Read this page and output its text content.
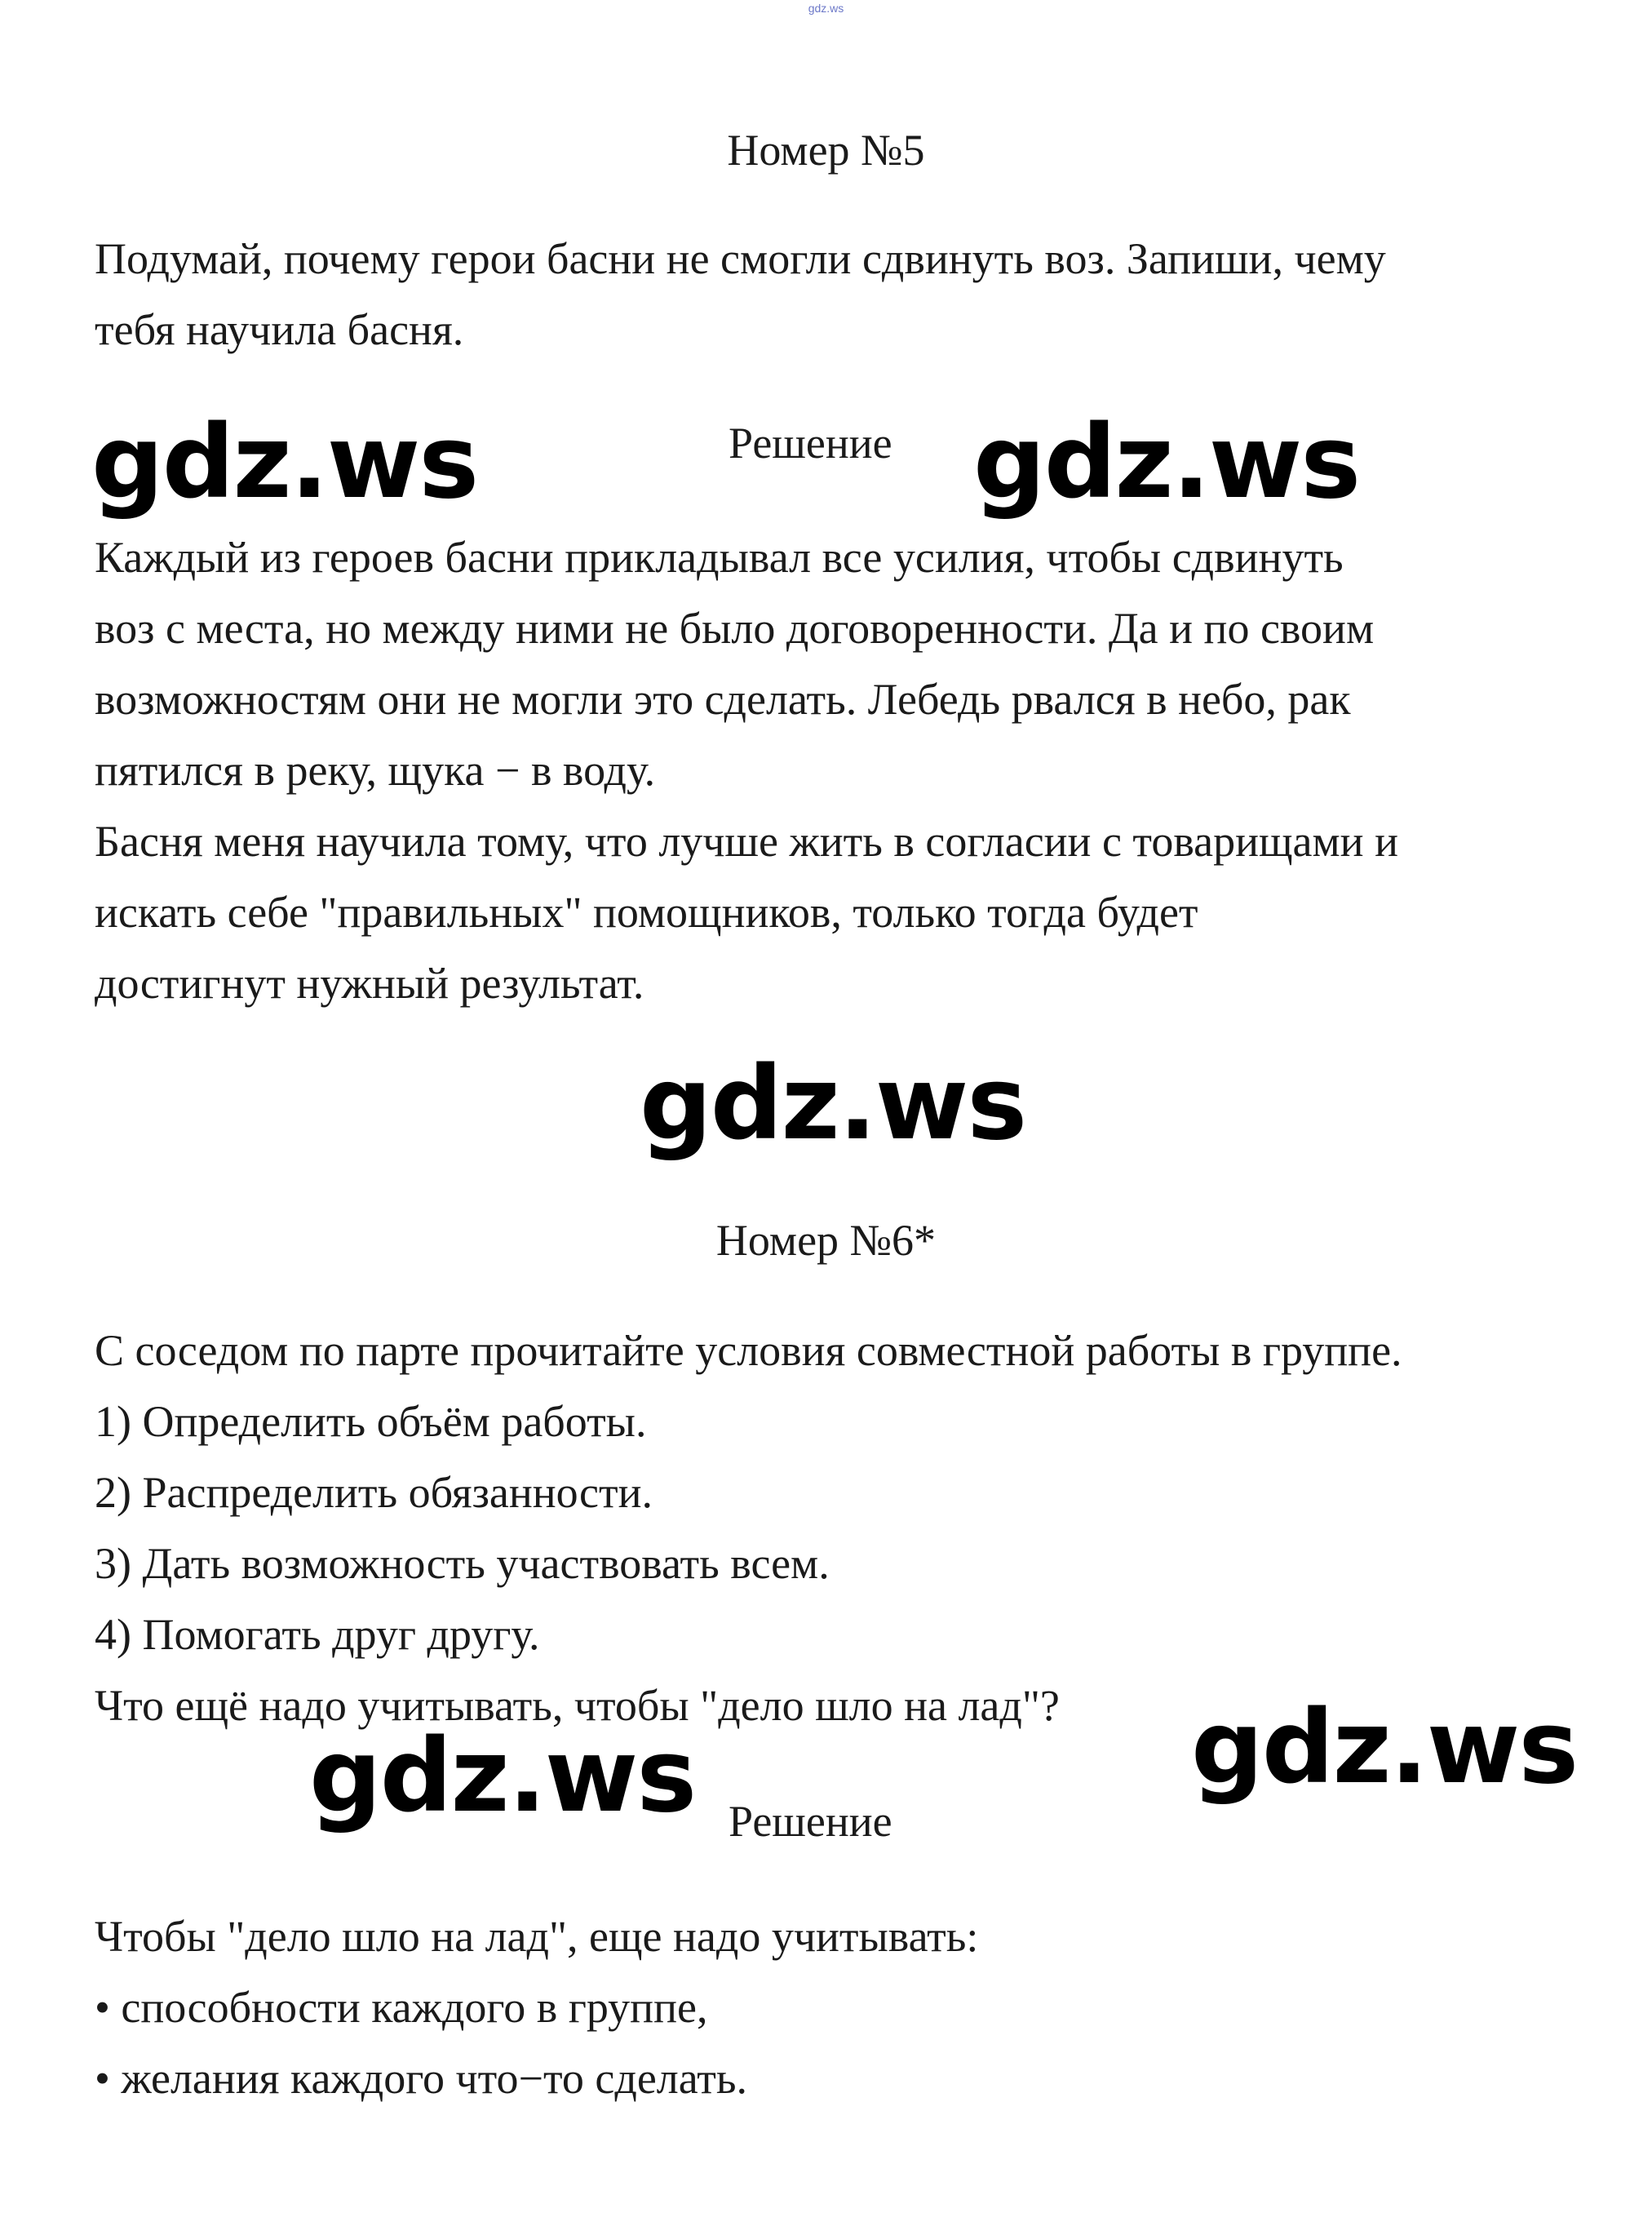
gdz.ws
Номер №5
Подумай, почему герои басни не смогли сдвинуть воз. Запиши, чему
тебя научила басня.
gdz.ws	Решение gdz.ws
Каждый из героев басни прикладывал все усилия, чтобы сдвинуть
воз с места, но между ними не было договоренности. Да и по своим
возможностям они не могли это сделать. Лебедь рвался в небо, рак
пятился в реку, щука − в воду.
Басня меня научила тому, что лучше жить в согласии с товарищами и
искать себе "правильных" помощников, только тогда будет
достигнут нужный результат.
gdz.ws
Номер №6*
С соседом по парте прочитайте условия совместной работы в группе.
1) Определить объём работы.
2) Распределить обязанности.
3) Дать возможность участвовать всем.
4) Помогать друг другу.
Что ещё надо учитывать, чтобы "дело шло на лад"?	gdz.ws
gdz.ws Решение
Чтобы "дело шло на лад", еще надо учитывать:
• способности каждого в группе,
• желания каждого что−то сделать.
